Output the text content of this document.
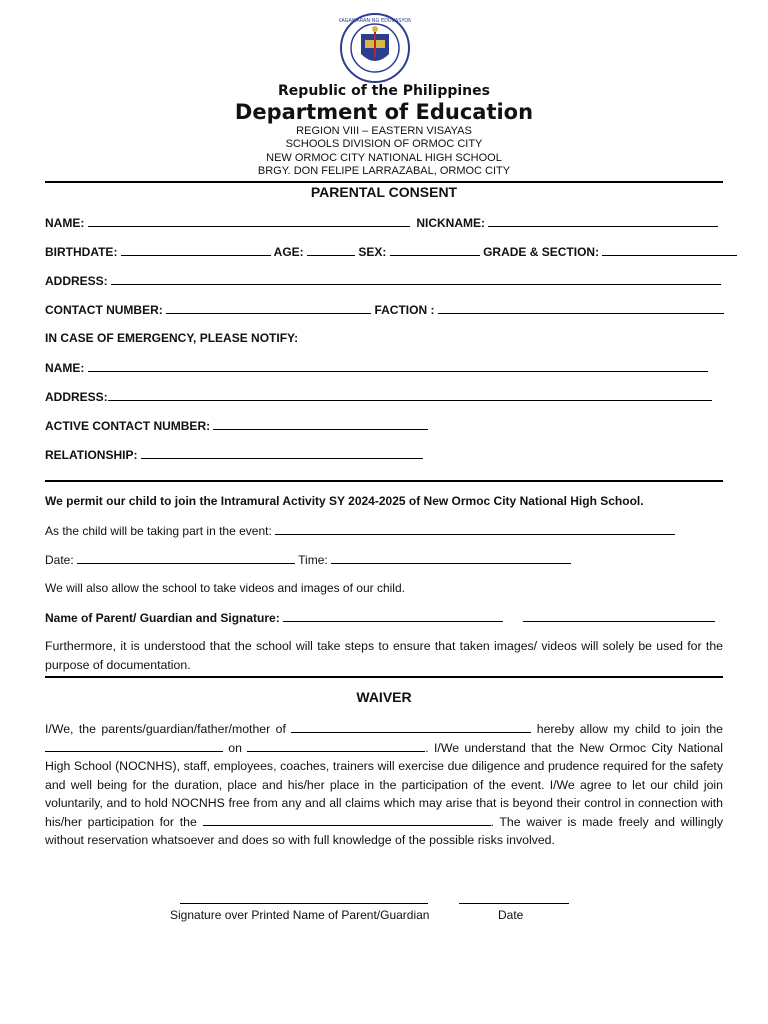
KAGAWARAN NG EDUKASYON
Republic of the Philippines
Department of Education
REGION VIII – EASTERN VISAYAS
SCHOOLS DIVISION OF ORMOC CITY
NEW ORMOC CITY NATIONAL HIGH SCHOOL
BRGY. DON FELIPE LARRAZABAL, ORMOC CITY
PARENTAL CONSENT
NAME:	NICKNAME:
BIRTHDATE:	AGE:	SEX:	GRADE & SECTION:
ADDRESS:
CONTACT NUMBER:	FACTION :
IN CASE OF EMERGENCY, PLEASE NOTIFY:
NAME:
ADDRESS:
ACTIVE CONTACT NUMBER:
RELATIONSHIP:
We permit our child to join the Intramural Activity SY 2024-2025 of New Ormoc City National High School.
As the child will be taking part in the event:
Date:	Time:
We will also allow the school to take videos and images of our child.
Name of Parent/ Guardian and Signature:
Furthermore, it is understood that the school will take steps to ensure that taken images/ videos will solely be used for the purpose of documentation.
WAIVER
I/We, the parents/guardian/father/mother of	hereby allow my child to join the  on	. I/We understand that the New Ormoc City National High School (NOCNHS), staff, employees, coaches, trainers will exercise due diligence and prudence required for the safety and well being for the duration, place and his/her place in the participation of the event. I/We agree to let our child join voluntarily, and to hold NOCNHS free from any and all claims which may arise that is beyond their control in connection with his/her participation for the	. The waiver is made freely and willingly without reservation whatsoever and does so with full knowledge of the possible risks involved.
Signature over Printed Name of Parent/Guardian	Date
